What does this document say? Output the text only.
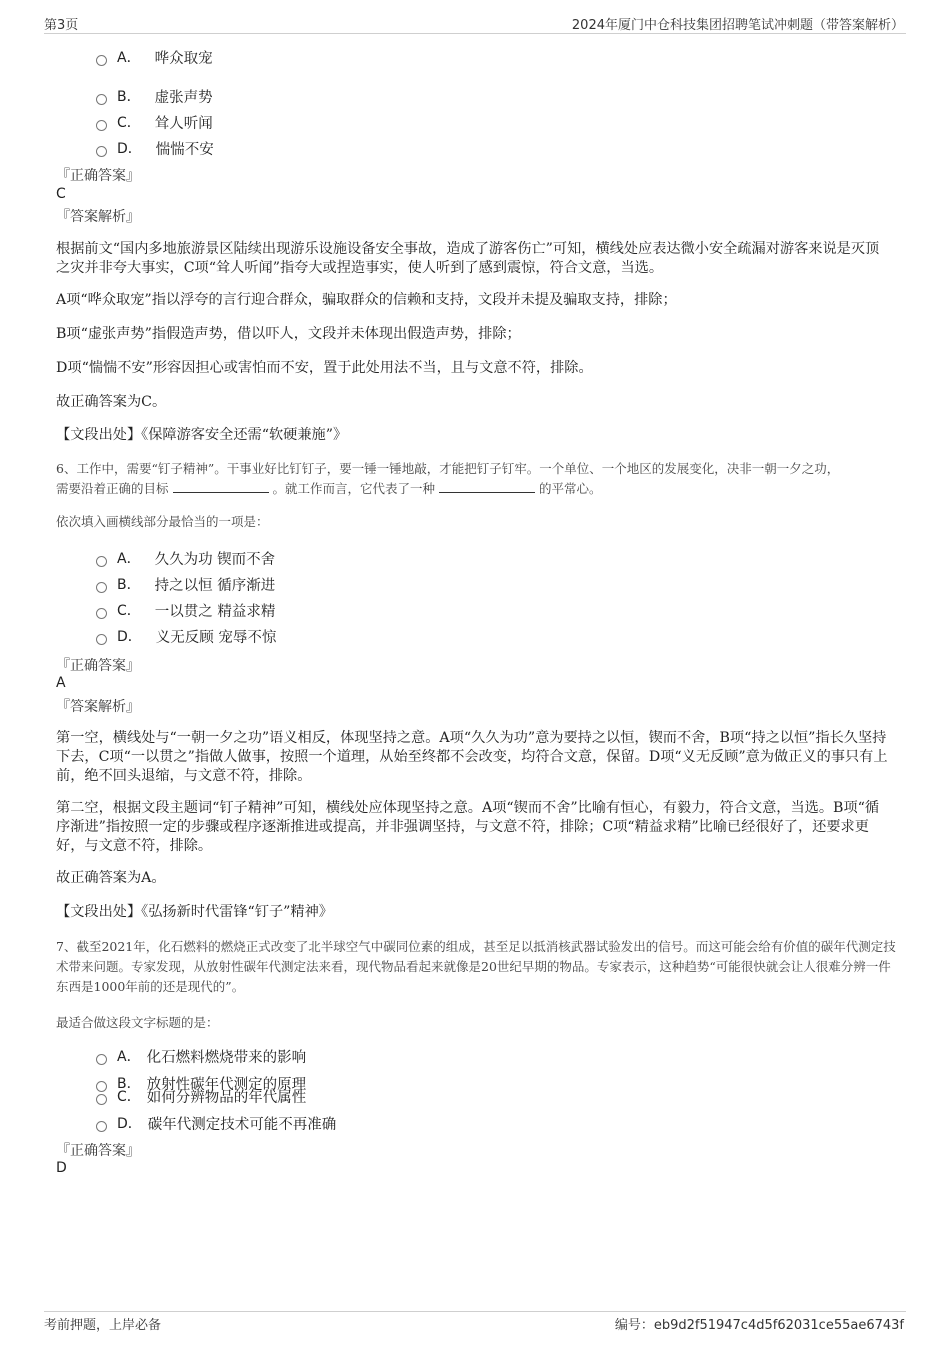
第3页	2024年厦门中仓科技集团招聘笔试冲刺题（带答案解析）
A． 哗众取宠
B． 虚张声势
C． 耸人听闻
D． 惴惴不安
『正确答案』
C
『答案解析』
根据前文“国内多地旅游景区陆续出现游乐设施设备安全事故，造成了游客伤亡”可知，横线处应表达微小安全疏漏对游客来说是灭顶之灾并非夸大事实，C项“耸人听闻”指夸大或捏造事实，使人听到了感到震惊，符合文意，当选。
A项“哗众取宠”指以浮夸的言行迎合群众，骗取群众的信赖和支持，文段并未提及骗取支持，排除；
B项“虚张声势”指假造声势，借以吓人，文段并未体现出假造声势，排除；
D项“惴惴不安”形容因担心或害怕而不安，置于此处用法不当，且与文意不符，排除。
故正确答案为C。
【文段出处】《保障游客安全还需“软硬兼施”》
6、工作中，需要“钉子精神”。干事业好比钉钉子，要一锤一锤地敲，才能把钉子钉牢。一个单位、一个地区的发展变化，决非一朝一夕之功，
需要沿着正确的目标	。就工作而言，它代表了一种	的平常心。
依次填入画横线部分最恰当的一项是：
A． 久久为功 锲而不舍
B． 持之以恒 循序渐进
C． 一以贯之 精益求精
D． 义无反顾 宠辱不惊
『正确答案』
A
『答案解析』
第一空，横线处与“一朝一夕之功”语义相反，体现坚持之意。A项“久久为功”意为要持之以恒，锲而不舍，B项“持之以恒”指长久坚持下去，C项“一以贯之”指做人做事，按照一个道理，从始至终都不会改变，均符合文意，保留。D项“义无反顾”意为做正义的事只有上前，绝不回头退缩，与文意不符，排除。
第二空，根据文段主题词“钉子精神”可知，横线处应体现坚持之意。A项“锲而不舍”比喻有恒心，有毅力，符合文意，当选。B项“循序渐进”指按照一定的步骤或程序逐渐推进或提高，并非强调坚持，与文意不符，排除；C项“精益求精”比喻已经很好了，还要求更好，与文意不符，排除。
故正确答案为A。
【文段出处】《弘扬新时代雷锋“钉子”精神》
7、截至2021年，化石燃料的燃烧正式改变了北半球空气中碳同位素的组成，甚至足以抵消核武器试验发出的信号。而这可能会给有价值的碳年代测定技术带来问题。专家发现，从放射性碳年代测定法来看，现代物品看起来就像是20世纪早期的物品。专家表示，这种趋势“可能很快就会让人很难分辨一件东西是1000年前的还是现代的”。
最适合做这段文字标题的是：
A． 化石燃料燃烧带来的影响
B． 放射性碳年代测定的原理
C． 如何分辨物品的年代属性
D． 碳年代测定技术可能不再准确
『正确答案』
D
考前押题，上岸必备	编号：eb9d2f51947c4d5f62031ce55ae6743f
